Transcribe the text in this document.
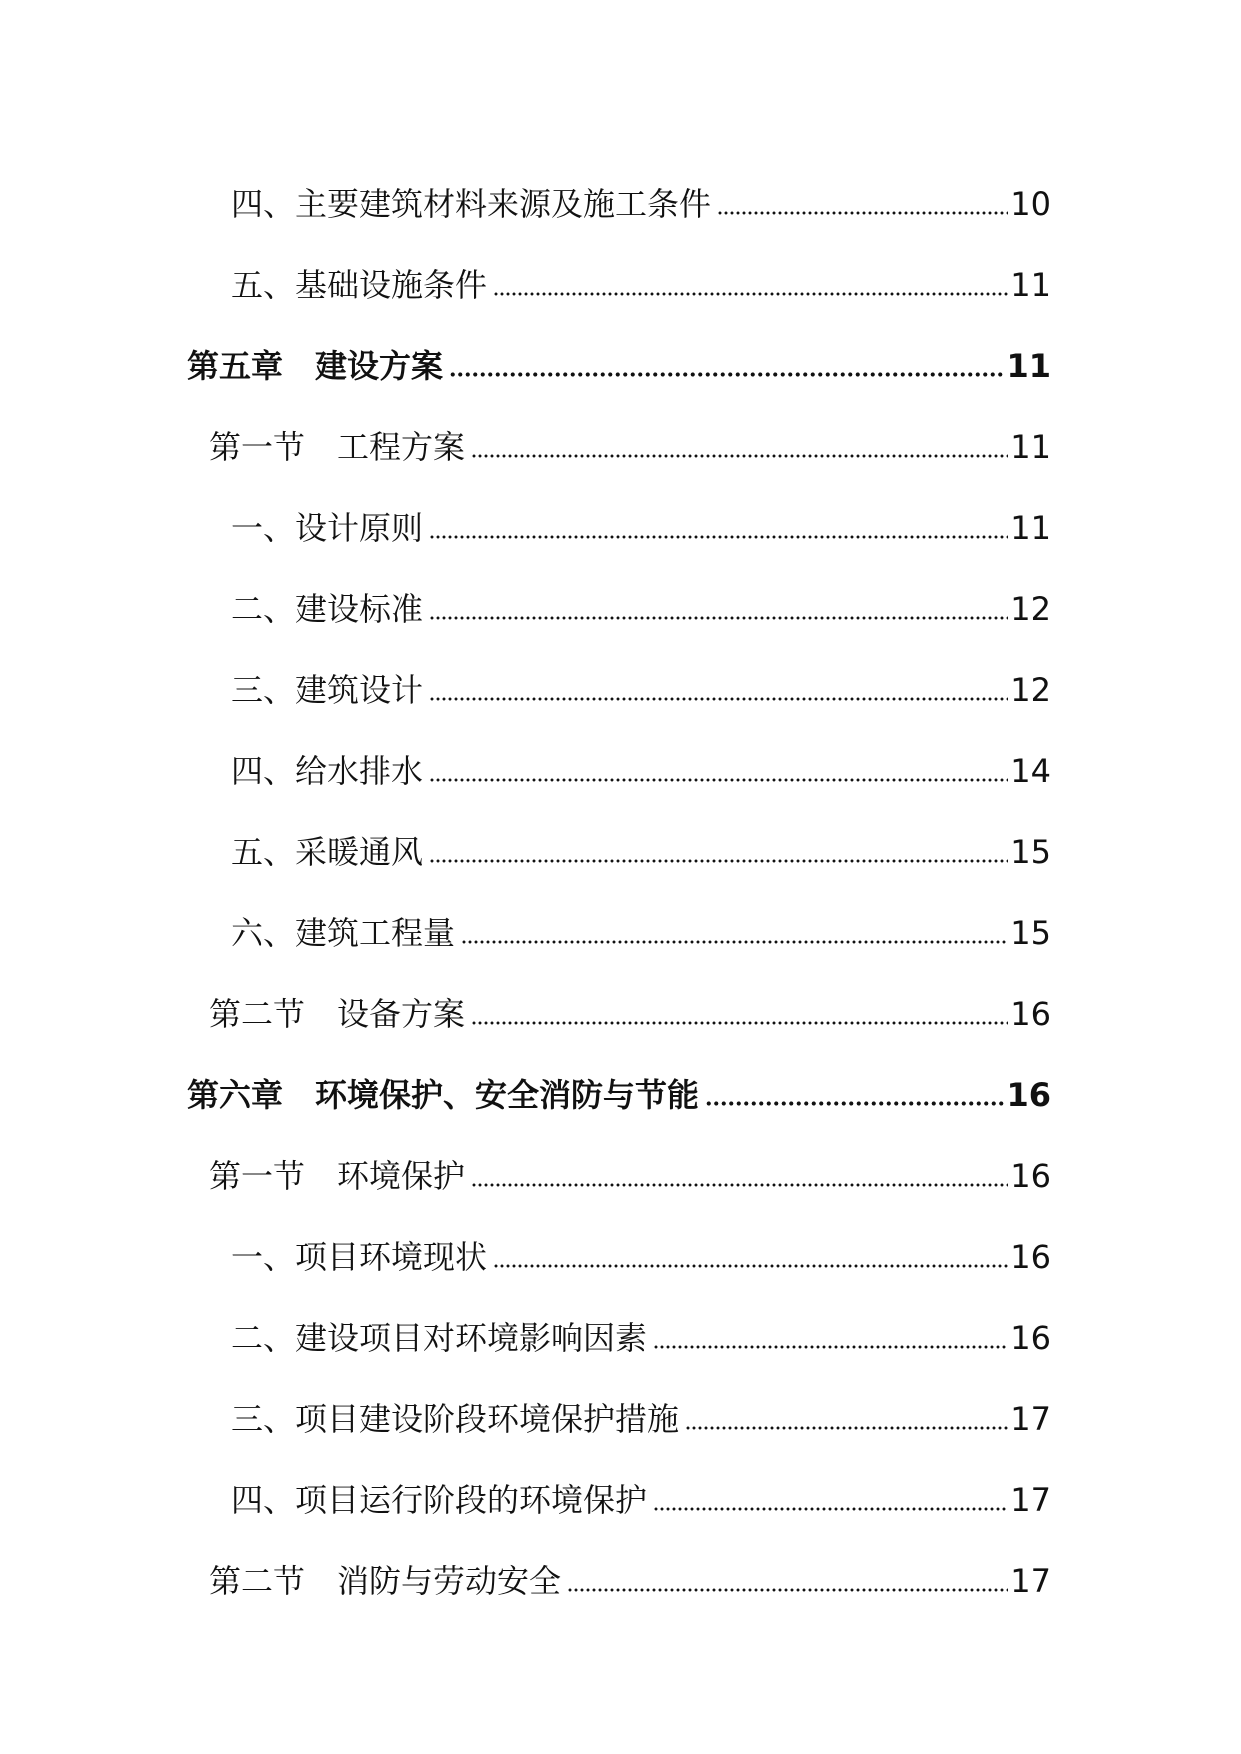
四、主要建筑材料来源及施工条件	10
五、基础设施条件	11
第五章　建设方案	11
第一节　工程方案	11
一、设计原则	11
二、建设标准	12
三、建筑设计	12
四、给水排水	14
五、采暖通风	15
六、建筑工程量	15
第二节　设备方案	16
第六章　环境保护、安全消防与节能	16
第一节　环境保护	16
一、项目环境现状	16
二、建设项目对环境影响因素	16
三、项目建设阶段环境保护措施	17
四、项目运行阶段的环境保护	17
第二节　消防与劳动安全	17
